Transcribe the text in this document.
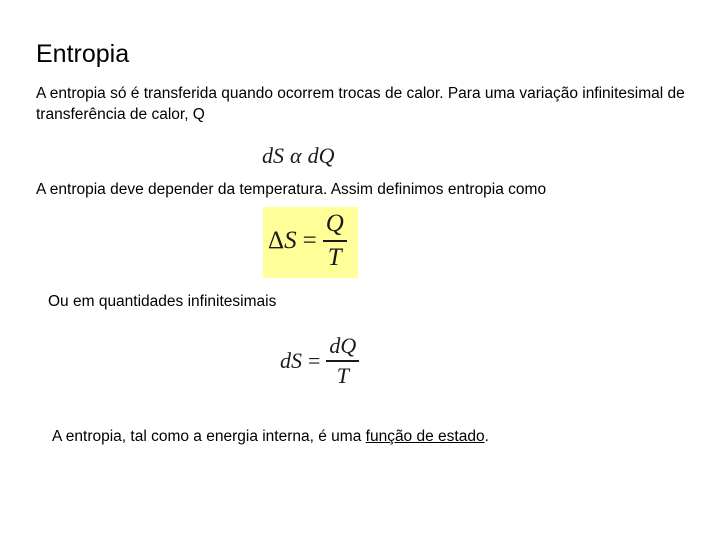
Entropia
A entropia só é transferida quando ocorrem trocas de calor. Para uma variação infinitesimal de transferência de calor, Q
dS α dQ
A entropia deve depender da temperatura. Assim definimos entropia como
Δ $S = \frac{Q}{T}$
Ou em quantidades infinitesimais
dS = $\frac{dQ}{T}$
A entropia, tal como a energia interna, é uma função de estado.
